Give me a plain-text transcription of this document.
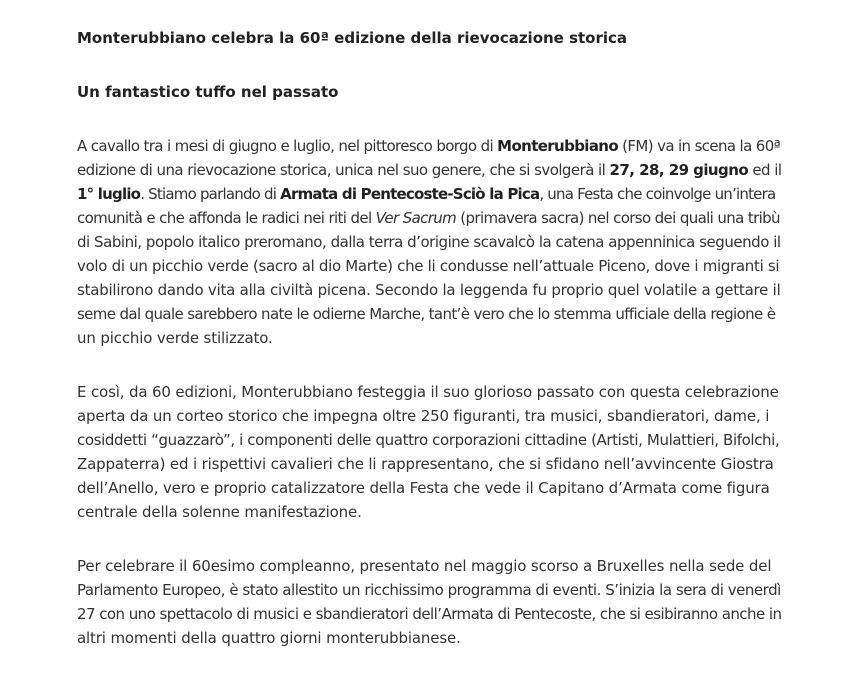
Monterubbiano celebra la 60ª edizione della rievocazione storica
Un fantastico tuffo nel passato

A cavallo tra i mesi di giugno e luglio, nel pittoresco borgo di Monterubbiano (FM) va in scena la 60ª
edizione di una rievocazione storica, unica nel suo genere, che si svolgerà il 27, 28, 29 giugno ed il
1° luglio. Stiamo parlando di Armata di Pentecoste-Sciò la Pica, una Festa che coinvolge un’intera
comunità e che affonda le radici nei riti del Ver Sacrum (primavera sacra) nel corso dei quali una tribù
di Sabini, popolo italico preromano, dalla terra d’origine scavalcò la catena appenninica seguendo il
volo di un picchio verde (sacro al dio Marte) che li condusse nell’attuale Piceno, dove i migranti si
stabilirono dando vita alla civiltà picena. Secondo la leggenda fu proprio quel volatile a gettare il
seme dal quale sarebbero nate le odierne Marche, tant’è vero che lo stemma ufficiale della regione è
un picchio verde stilizzato.

E così, da 60 edizioni, Monterubbiano festeggia il suo glorioso passato con questa celebrazione
aperta da un corteo storico che impegna oltre 250 figuranti, tra musici, sbandieratori, dame, i
cosiddetti “guazzarò”, i componenti delle quattro corporazioni cittadine (Artisti, Mulattieri, Bifolchi,
Zappaterra) ed i rispettivi cavalieri che li rappresentano, che si sfidano nell’avvincente Giostra
dell’Anello, vero e proprio catalizzatore della Festa che vede il Capitano d’Armata come figura
centrale della solenne manifestazione.

Per celebrare il 60esimo compleanno, presentato nel maggio scorso a Bruxelles nella sede del
Parlamento Europeo, è stato allestito un ricchissimo programma di eventi. S’inizia la sera di venerdì
27 con uno spettacolo di musici e sbandieratori dell’Armata di Pentecoste, che si esibiranno anche in
altri momenti della quattro giorni monterubbianese.
